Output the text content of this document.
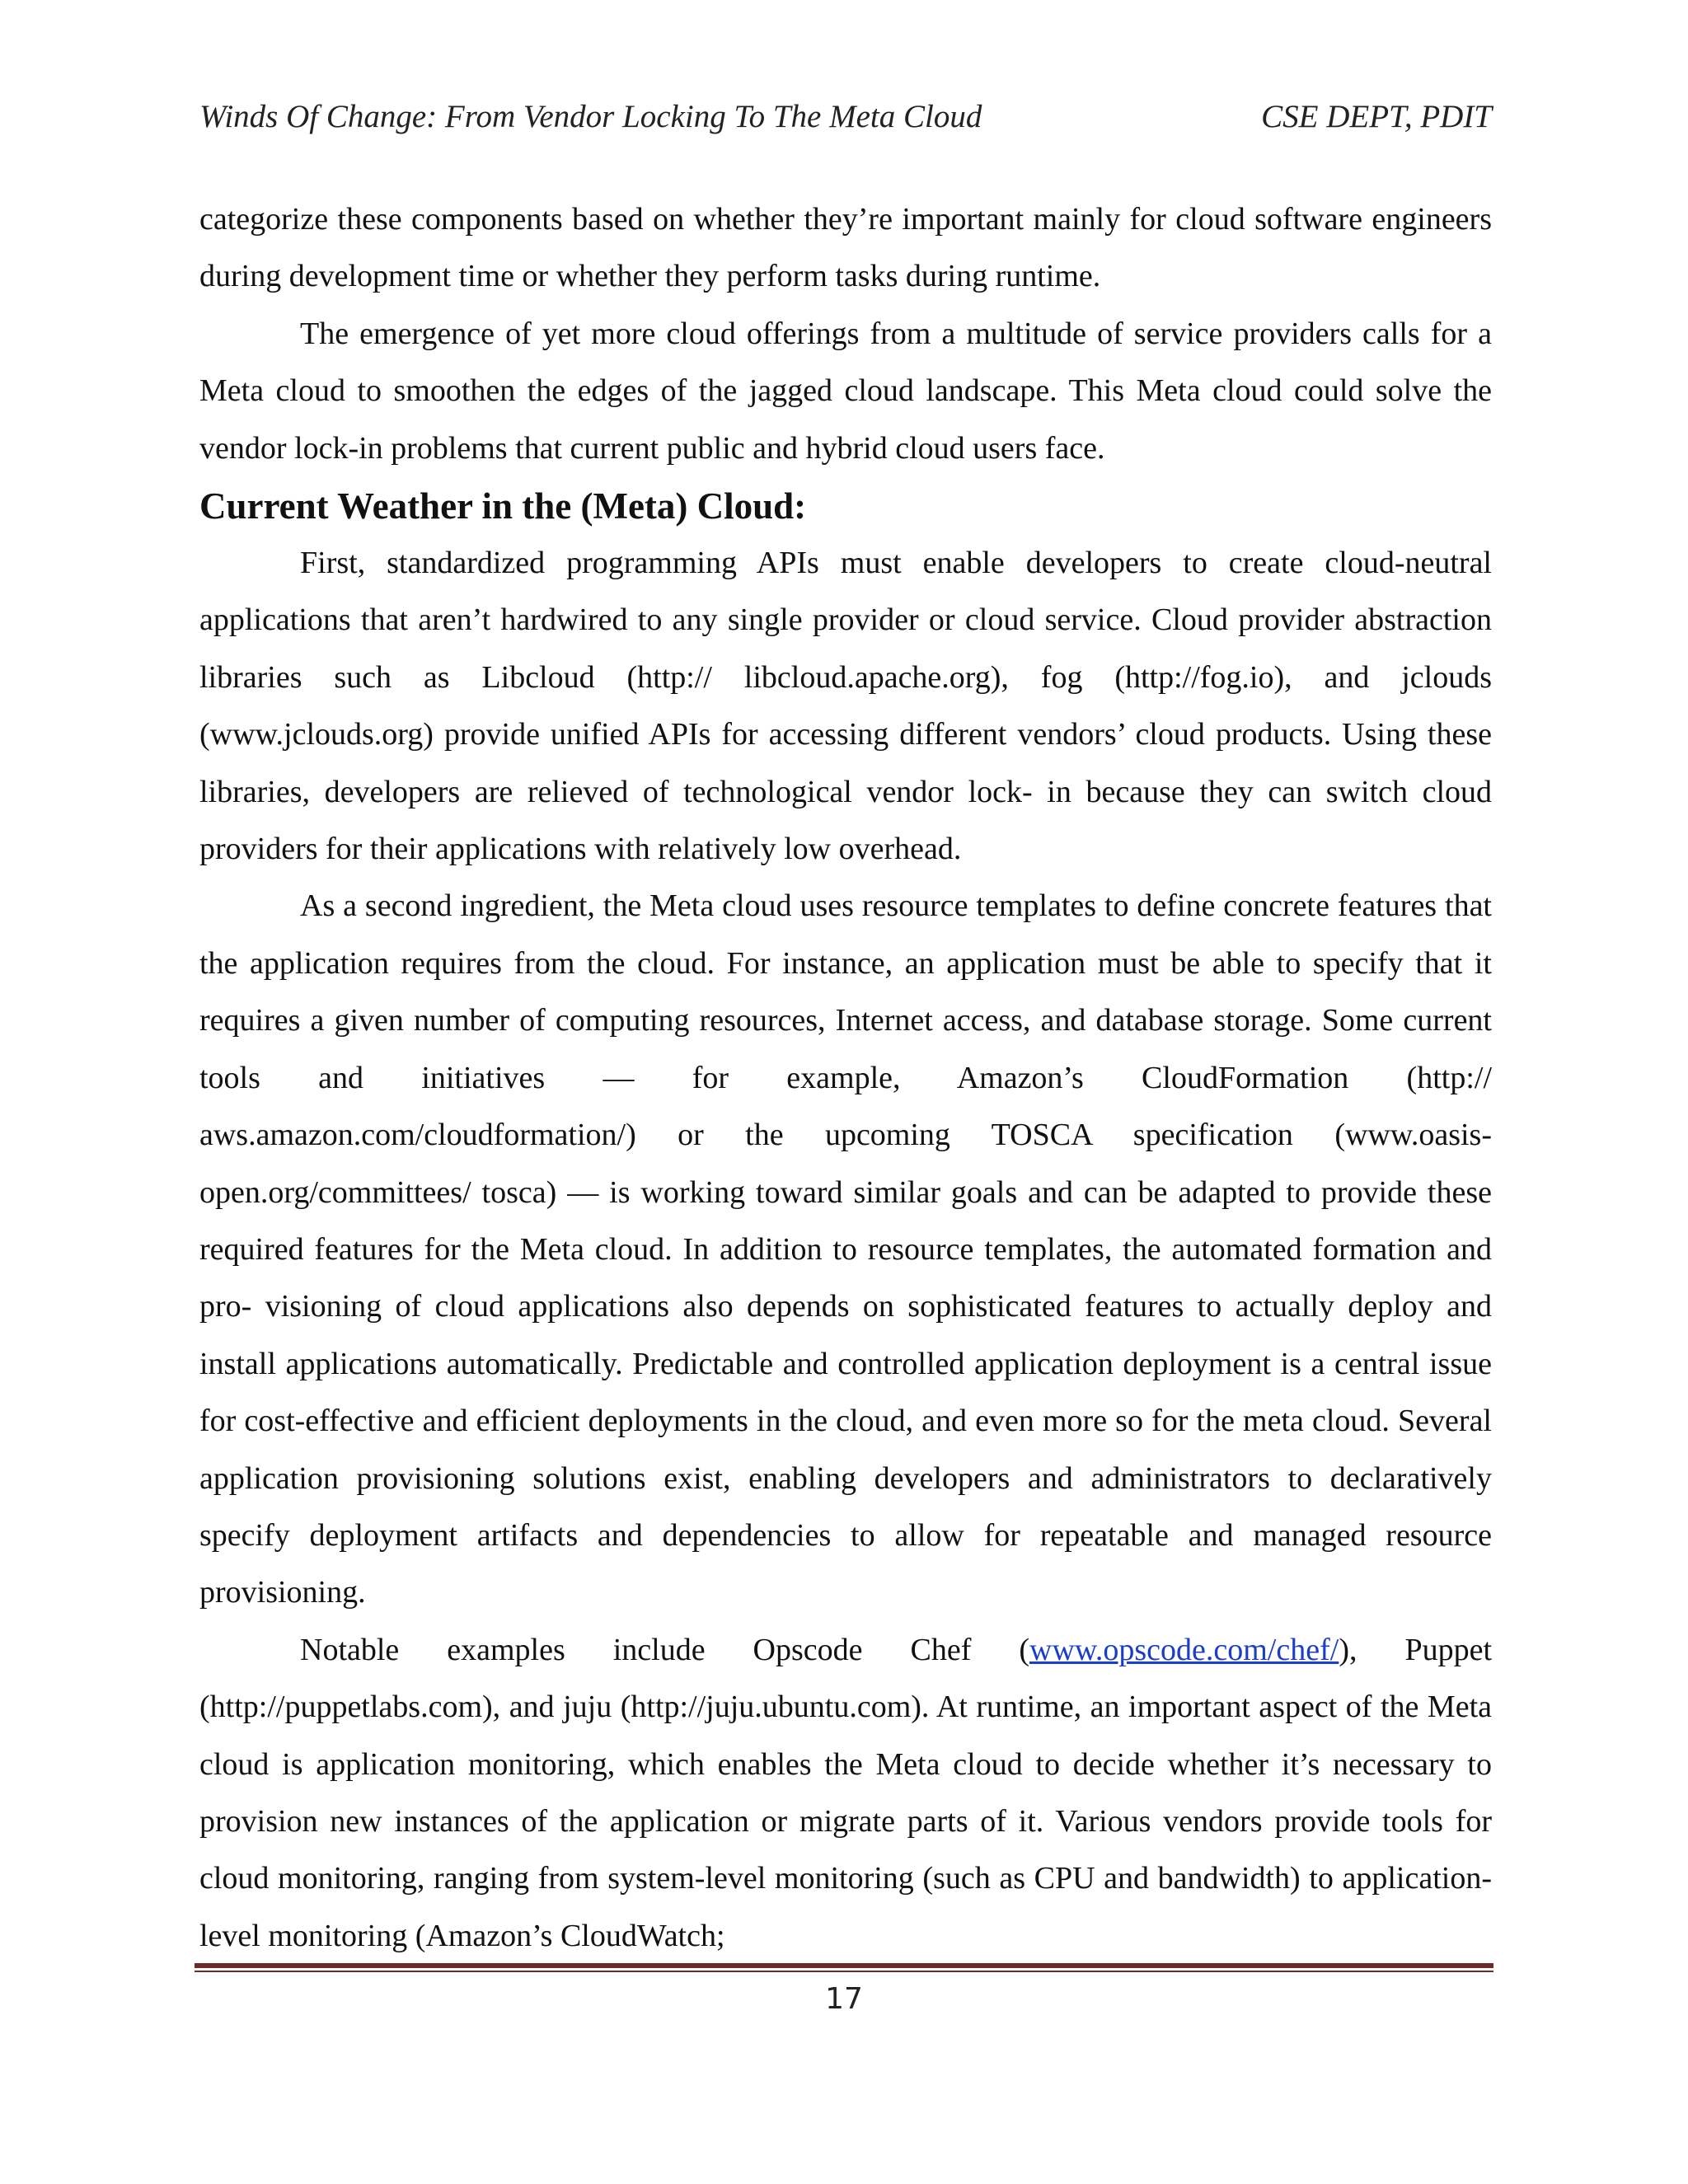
Winds Of Change: From Vendor Locking To The Meta Cloud	CSE DEPT, PDIT

categorize these components based on whether they’re important mainly for cloud software engineers during development time or whether they perform tasks during runtime.

The emergence of yet more cloud offerings from a multitude of service providers calls for a Meta cloud to smoothen the edges of the jagged cloud landscape. This Meta cloud could solve the vendor lock-in problems that current public and hybrid cloud users face.

Current Weather in the (Meta) Cloud:

First, standardized programming APIs must enable developers to create cloud-neutral applications that aren’t hardwired to any single provider or cloud service. Cloud provider abstraction libraries such as Libcloud (http:// libcloud.apache.org), fog (http://fog.io), and jclouds (www.jclouds.org) provide unified APIs for accessing different vendors’ cloud products. Using these libraries, developers are relieved of technological vendor lock- in because they can switch cloud providers for their applications with relatively low overhead.

As a second ingredient, the Meta cloud uses resource templates to define concrete features that the application requires from the cloud. For instance, an application must be able to specify that it requires a given number of computing resources, Internet access, and database storage. Some current tools and initiatives — for example, Amazon’s CloudFormation (http:// aws.amazon.com/cloudformation/) or the upcoming TOSCA specification (www.oasis-open.org/committees/ tosca) — is working toward similar goals and can be adapted to provide these required features for the Meta cloud. In addition to resource templates, the automated formation and pro- visioning of cloud applications also depends on sophisticated features to actually deploy and install applications automatically. Predictable and controlled application deployment is a central issue for cost-effective and efficient deployments in the cloud, and even more so for the meta cloud. Several application provisioning solutions exist, enabling developers and administrators to declaratively specify deployment artifacts and dependencies to allow for repeatable and managed resource provisioning.

Notable examples include Opscode Chef (www.opscode.com/chef/), Puppet (http://puppetlabs.com), and juju (http://juju.ubuntu.com). At runtime, an important aspect of the Meta cloud is application monitoring, which enables the Meta cloud to decide whether it’s necessary to provision new instances of the application or migrate parts of it. Various vendors provide tools for cloud monitoring, ranging from system-level monitoring (such as CPU and bandwidth) to application-level monitoring (Amazon’s CloudWatch;

17
